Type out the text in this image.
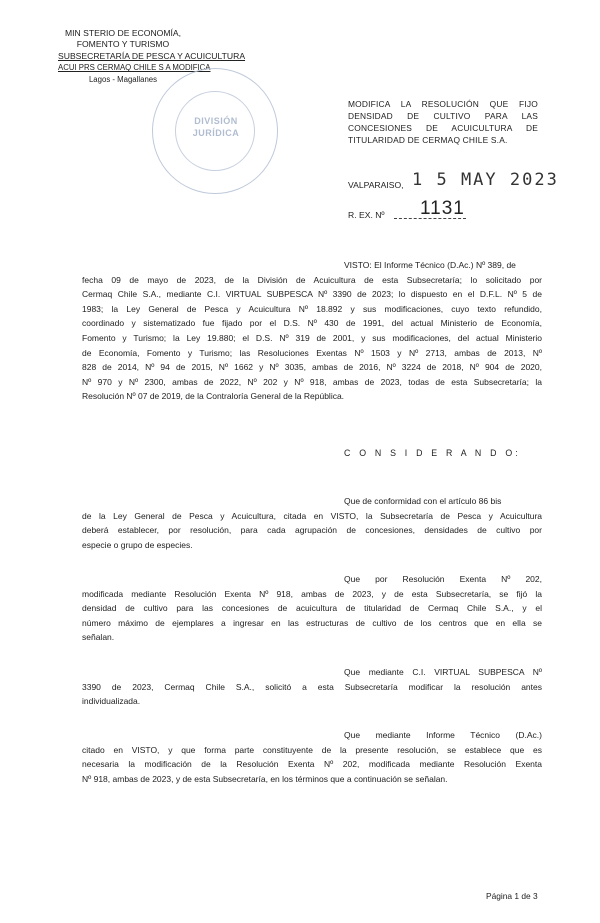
MIN STERIO DE ECONOMÍA,
FOMENTO Y TURISMO
SUBSECRETARÍA DE PESCA Y ACUICULTURA
ACUI PRS CERMAQ CHILE S A MODIFICA
Lagos - Magallanes
DIVISIÓN
JURÍDICA
MODIFICA LA RESOLUCIÓN QUE FIJO
DENSIDAD DE CULTIVO PARA LAS
CONCESIONES DE ACUICULTURA DE
TITULARIDAD DE CERMAQ CHILE S.A.
VALPARAISO, 1 5 MAY 2023
R. EX. Nº 1131
VISTO: El Informe Técnico (D.Ac.) Nº 389, de
fecha 09 de mayo de 2023, de la División de Acuicultura de esta Subsecretaría; lo solicitado por
Cermaq Chile S.A., mediante C.I. VIRTUAL SUBPESCA Nº 3390 de 2023; lo dispuesto en el D.F.L. Nº 5 de
1983; la Ley General de Pesca y Acuicultura Nº 18.892 y sus modificaciones, cuyo texto refundido,
coordinado y sistematizado fue fijado por el D.S. Nº 430 de 1991, del actual Ministerio de Economía,
Fomento y Turismo; la Ley 19.880; el D.S. Nº 319 de 2001, y sus modificaciones, del actual Ministerio
de Economía, Fomento y Turismo; las Resoluciones Exentas Nº 1503 y Nº 2713, ambas de 2013, Nº
828 de 2014, Nº 94 de 2015, Nº 1662 y Nº 3035, ambas de 2016, Nº 3224 de 2018, Nº 904 de 2020,
Nº 970 y Nº 2300, ambas de 2022, Nº 202 y Nº 918, ambas de 2023, todas de esta Subsecretaría; la
Resolución Nº 07 de 2019, de la Contraloría General de la República.
C O N S I D E R A N D O:
Que de conformidad con el artículo 86 bis
de la Ley General de Pesca y Acuicultura, citada en VISTO, la Subsecretaría de Pesca y Acuicultura
deberá establecer, por resolución, para cada agrupación de concesiones, densidades de cultivo por
especie o grupo de especies.
Que por Resolución Exenta Nº 202,
modificada mediante Resolución Exenta Nº 918, ambas de 2023, y de esta Subsecretaría, se fijó la
densidad de cultivo para las concesiones de acuicultura de titularidad de Cermaq Chile S.A., y el
número máximo de ejemplares a ingresar en las estructuras de cultivo de los centros que en ella se
señalan.
Que mediante C.I. VIRTUAL SUBPESCA Nº
3390 de 2023, Cermaq Chile S.A., solicitó a esta Subsecretaría modificar la resolución antes
individualizada.
Que mediante Informe Técnico (D.Ac.)
citado en VISTO, y que forma parte constituyente de la presente resolución, se establece que es
necesaria la modificación de la Resolución Exenta Nº 202, modificada mediante Resolución Exenta
Nº 918, ambas de 2023, y de esta Subsecretaría, en los términos que a continuación se señalan.
Página 1 de 3
